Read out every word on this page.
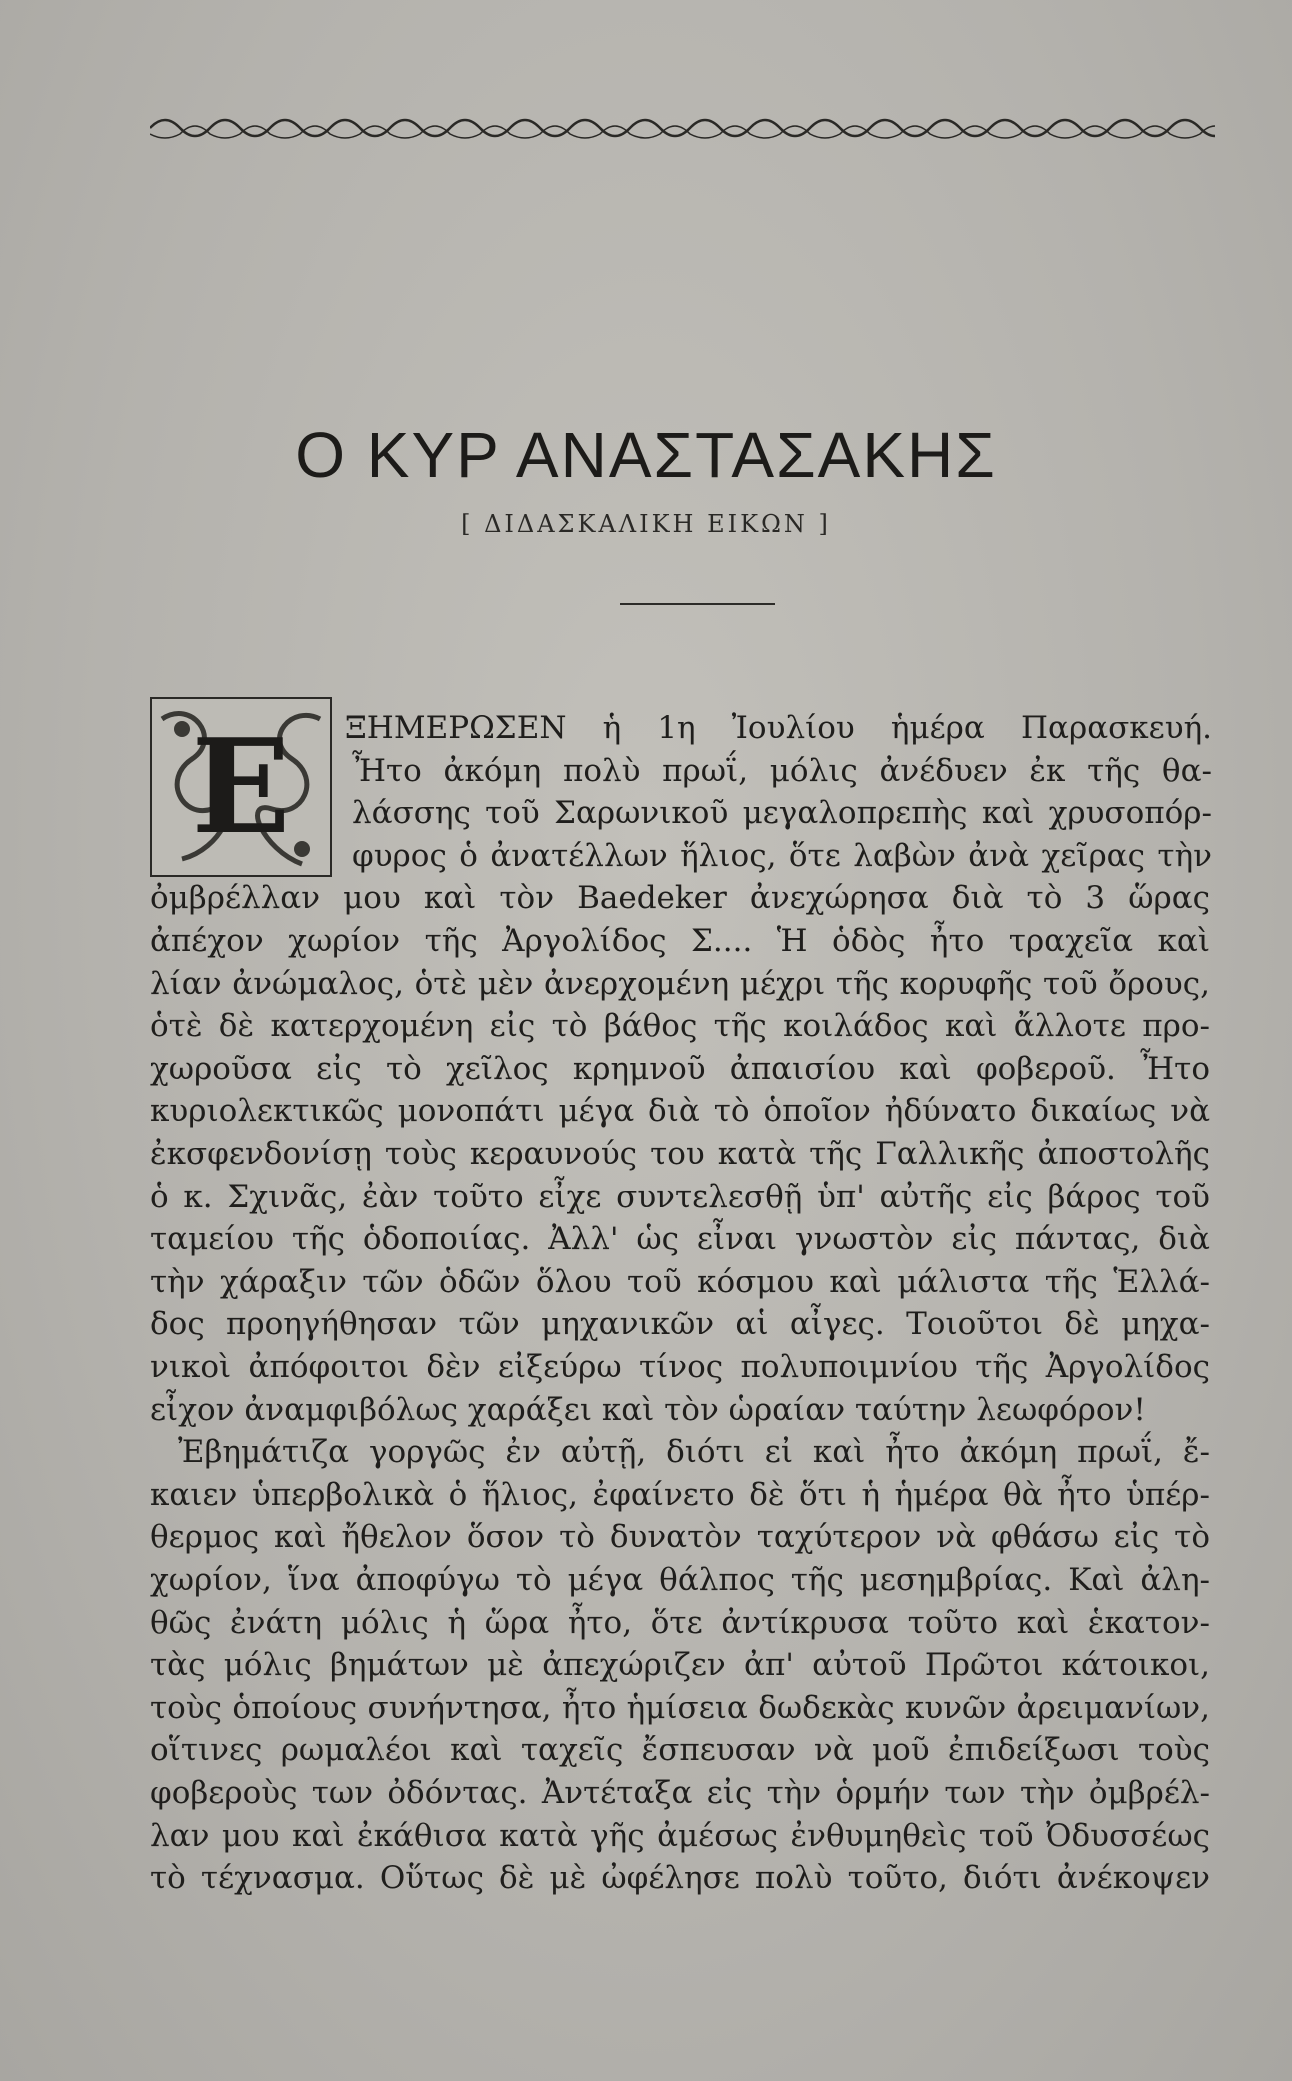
Ο ΚΥΡ ΑΝΑΣΤΑΣΑΚΗΣ
[ ΔΙΔΑΣΚΑΛΙΚΗ ΕΙΚΩΝ ]
Ε ΞΗΜΕΡΩΣΕΝ ἡ 1η Ἰουλίου ἡμέρα Παρασκευή.
Ἦτο ἀκόμη πολὺ πρωΐ, μόλις ἀνέδυεν ἐκ τῆς θα-
λάσσης τοῦ Σαρωνικοῦ μεγαλοπρεπὴς καὶ χρυσοπόρ-
φυρος ὁ ἀνατέλλων ἥλιος, ὅτε λαβὼν ἀνὰ χεῖρας τὴν
ὀμβρέλλαν μου καὶ τὸν Baedeker ἀνεχώρησα διὰ τὸ 3 ὥρας
ἀπέχον χωρίον τῆς Ἀργολίδος Σ.... Ἡ ὁδὸς ἦτο τραχεῖα καὶ
λίαν ἀνώμαλος, ὁτὲ μὲν ἀνερχομένη μέχρι τῆς κορυφῆς τοῦ ὄρους,
ὁτὲ δὲ κατερχομένη εἰς τὸ βάθος τῆς κοιλάδος καὶ ἄλλοτε προ-
χωροῦσα εἰς τὸ χεῖλος κρημνοῦ ἀπαισίου καὶ φοβεροῦ. Ἦτο
κυριολεκτικῶς μονοπάτι μέγα διὰ τὸ ὁποῖον ἠδύνατο δικαίως νὰ
ἐκσφενδονίσῃ τοὺς κεραυνούς του κατὰ τῆς Γαλλικῆς ἀποστολῆς
ὁ κ. Σχινᾶς, ἐὰν τοῦτο εἶχε συντελεσθῇ ὑπ' αὐτῆς εἰς βάρος τοῦ
ταμείου τῆς ὁδοποιίας. Ἀλλ' ὡς εἶναι γνωστὸν εἰς πάντας, διὰ
τὴν χάραξιν τῶν ὁδῶν ὅλου τοῦ κόσμου καὶ μάλιστα τῆς Ἑλλά-
δος προηγήθησαν τῶν μηχανικῶν αἱ αἶγες. Τοιοῦτοι δὲ μηχα-
νικοὶ ἀπόφοιτοι δὲν εἰξεύρω τίνος πολυποιμνίου τῆς Ἀργολίδος
εἶχον ἀναμφιβόλως χαράξει καὶ τὸν ὡραίαν ταύτην λεωφόρον!
Ἐβημάτιζα γοργῶς ἐν αὐτῇ, διότι εἰ καὶ ἦτο ἀκόμη πρωΐ, ἔ-
καιεν ὑπερβολικὰ ὁ ἥλιος, ἐφαίνετο δὲ ὅτι ἡ ἡμέρα θὰ ἦτο ὑπέρ-
θερμος καὶ ἤθελον ὅσον τὸ δυνατὸν ταχύτερον νὰ φθάσω εἰς τὸ
χωρίον, ἵνα ἀποφύγω τὸ μέγα θάλπος τῆς μεσημβρίας. Καὶ ἀλη-
θῶς ἐνάτη μόλις ἡ ὥρα ἦτο, ὅτε ἀντίκρυσα τοῦτο καὶ ἑκατον-
τὰς μόλις βημάτων μὲ ἀπεχώριζεν ἀπ' αὐτοῦ Πρῶτοι κάτοικοι,
τοὺς ὁποίους συνήντησα, ἦτο ἡμίσεια δωδεκὰς κυνῶν ἀρειμανίων,
οἵτινες ρωμαλέοι καὶ ταχεῖς ἔσπευσαν νὰ μοῦ ἐπιδείξωσι τοὺς
φοβεροὺς των ὀδόντας. Ἀντέταξα εἰς τὴν ὁρμήν των τὴν ὀμβρέλ-
λαν μου καὶ ἐκάθισα κατὰ γῆς ἀμέσως ἐνθυμηθεὶς τοῦ Ὀδυσσέως
τὸ τέχνασμα. Οὕτως δὲ μὲ ὠφέλησε πολὺ τοῦτο, διότι ἀνέκοψεν
